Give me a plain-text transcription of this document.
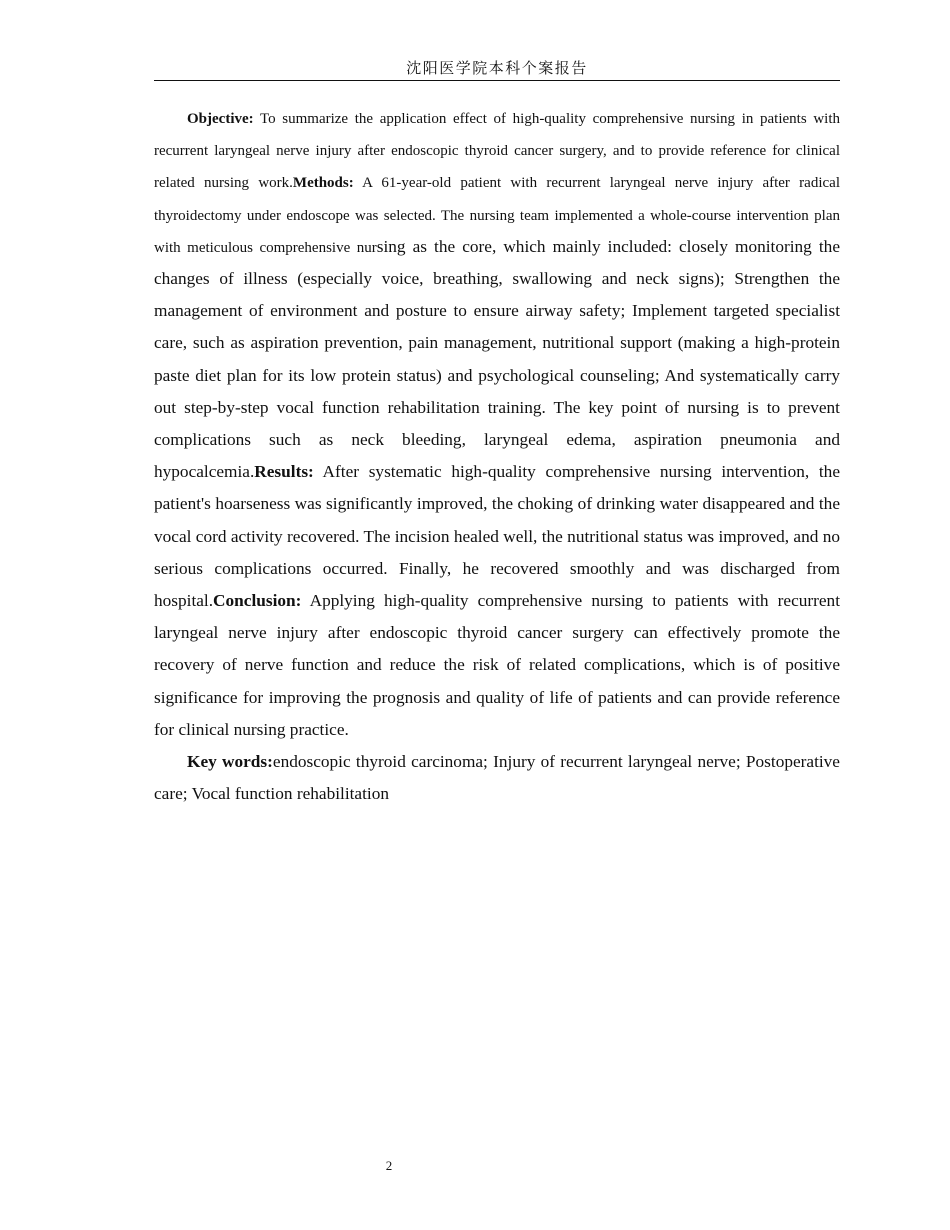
沈阳医学院本科个案报告

Objective: To summarize the application effect of high-quality comprehensive nursing in patients with recurrent laryngeal nerve injury after endoscopic thyroid cancer surgery, and to provide reference for clinical related nursing work.Methods: A 61-year-old patient with recurrent laryngeal nerve injury after radical thyroidectomy under endoscope was selected. The nursing team implemented a whole-course intervention plan with meticulous comprehensive nursing as the core, which mainly included: closely monitoring the changes of illness (especially voice, breathing, swallowing and neck signs); Strengthen the management of environment and posture to ensure airway safety; Implement targeted specialist care, such as aspiration prevention, pain management, nutritional support (making a high-protein paste diet plan for its low protein status) and psychological counseling; And systematically carry out step-by-step vocal function rehabilitation training. The key point of nursing is to prevent complications such as neck bleeding, laryngeal edema, aspiration pneumonia and hypocalcemia.Results: After systematic high-quality comprehensive nursing intervention, the patient's hoarseness was significantly improved, the choking of drinking water disappeared and the vocal cord activity recovered. The incision healed well, the nutritional status was improved, and no serious complications occurred. Finally, he recovered smoothly and was discharged from hospital.Conclusion: Applying high-quality comprehensive nursing to patients with recurrent laryngeal nerve injury after endoscopic thyroid cancer surgery can effectively promote the recovery of nerve function and reduce the risk of related complications, which is of positive significance for improving the prognosis and quality of life of patients and can provide reference for clinical nursing practice.

Key words:endoscopic thyroid carcinoma; Injury of recurrent laryngeal nerve; Postoperative care; Vocal function rehabilitation

2
